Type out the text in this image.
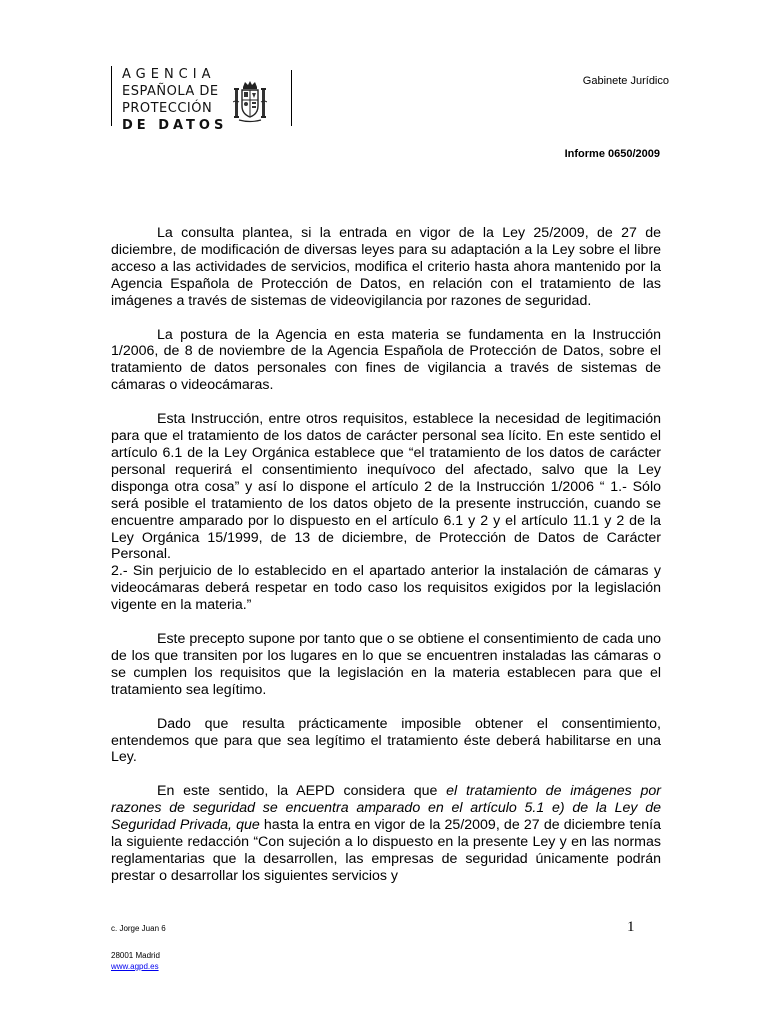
AGENCIA
ESPAÑOLA DE
PROTECCIÓN
DE DATOS
Gabinete Jurídico
Informe 0650/2009

La consulta plantea, si la entrada en vigor de la Ley 25/2009, de 27 de diciembre, de modificación de diversas leyes para su adaptación a la Ley sobre el libre acceso a las actividades de servicios, modifica el criterio hasta ahora mantenido por la Agencia Española de Protección de Datos, en relación con el tratamiento de las imágenes a través de sistemas de videovigilancia por razones de seguridad.

La postura de la Agencia en esta materia se fundamenta en la Instrucción 1/2006, de 8 de noviembre de la Agencia Española de Protección de Datos, sobre el tratamiento de datos personales con fines de vigilancia a través de sistemas de cámaras o videocámaras.

Esta Instrucción, entre otros requisitos, establece la necesidad de legitimación para que el tratamiento de los datos de carácter personal sea lícito. En este sentido el artículo 6.1 de la Ley Orgánica establece que “el tratamiento de los datos de carácter personal requerirá el consentimiento inequívoco del afectado, salvo que la Ley disponga otra cosa” y así lo dispone el artículo 2 de la Instrucción 1/2006 “ 1.- Sólo será posible el tratamiento de los datos objeto de la presente instrucción, cuando se encuentre amparado por lo dispuesto en el artículo 6.1 y 2 y el artículo 11.1 y 2 de la Ley Orgánica 15/1999, de 13 de diciembre, de Protección de Datos de Carácter Personal.

2.- Sin perjuicio de lo establecido en el apartado anterior la instalación de cámaras y videocámaras deberá respetar en todo caso los requisitos exigidos por la legislación vigente en la materia.”

Este precepto supone por tanto que o se obtiene el consentimiento de cada uno de los que transiten por los lugares en lo que se encuentren instaladas las cámaras o se cumplen los requisitos que la legislación en la materia establecen para que el tratamiento sea legítimo.

Dado que resulta prácticamente imposible obtener el consentimiento, entendemos que para que sea legítimo el tratamiento éste deberá habilitarse en una Ley.

En este sentido, la AEPD considera que el tratamiento de imágenes por razones de seguridad se encuentra amparado en el artículo 5.1 e) de la Ley de Seguridad Privada, que hasta la entra en vigor de la 25/2009, de 27 de diciembre tenía la siguiente redacción “Con sujeción a lo dispuesto en la presente Ley y en las normas reglamentarias que la desarrollen, las empresas de seguridad únicamente podrán prestar o desarrollar los siguientes servicios y

c. Jorge Juan 6	1
28001 Madrid
www.agpd.es
